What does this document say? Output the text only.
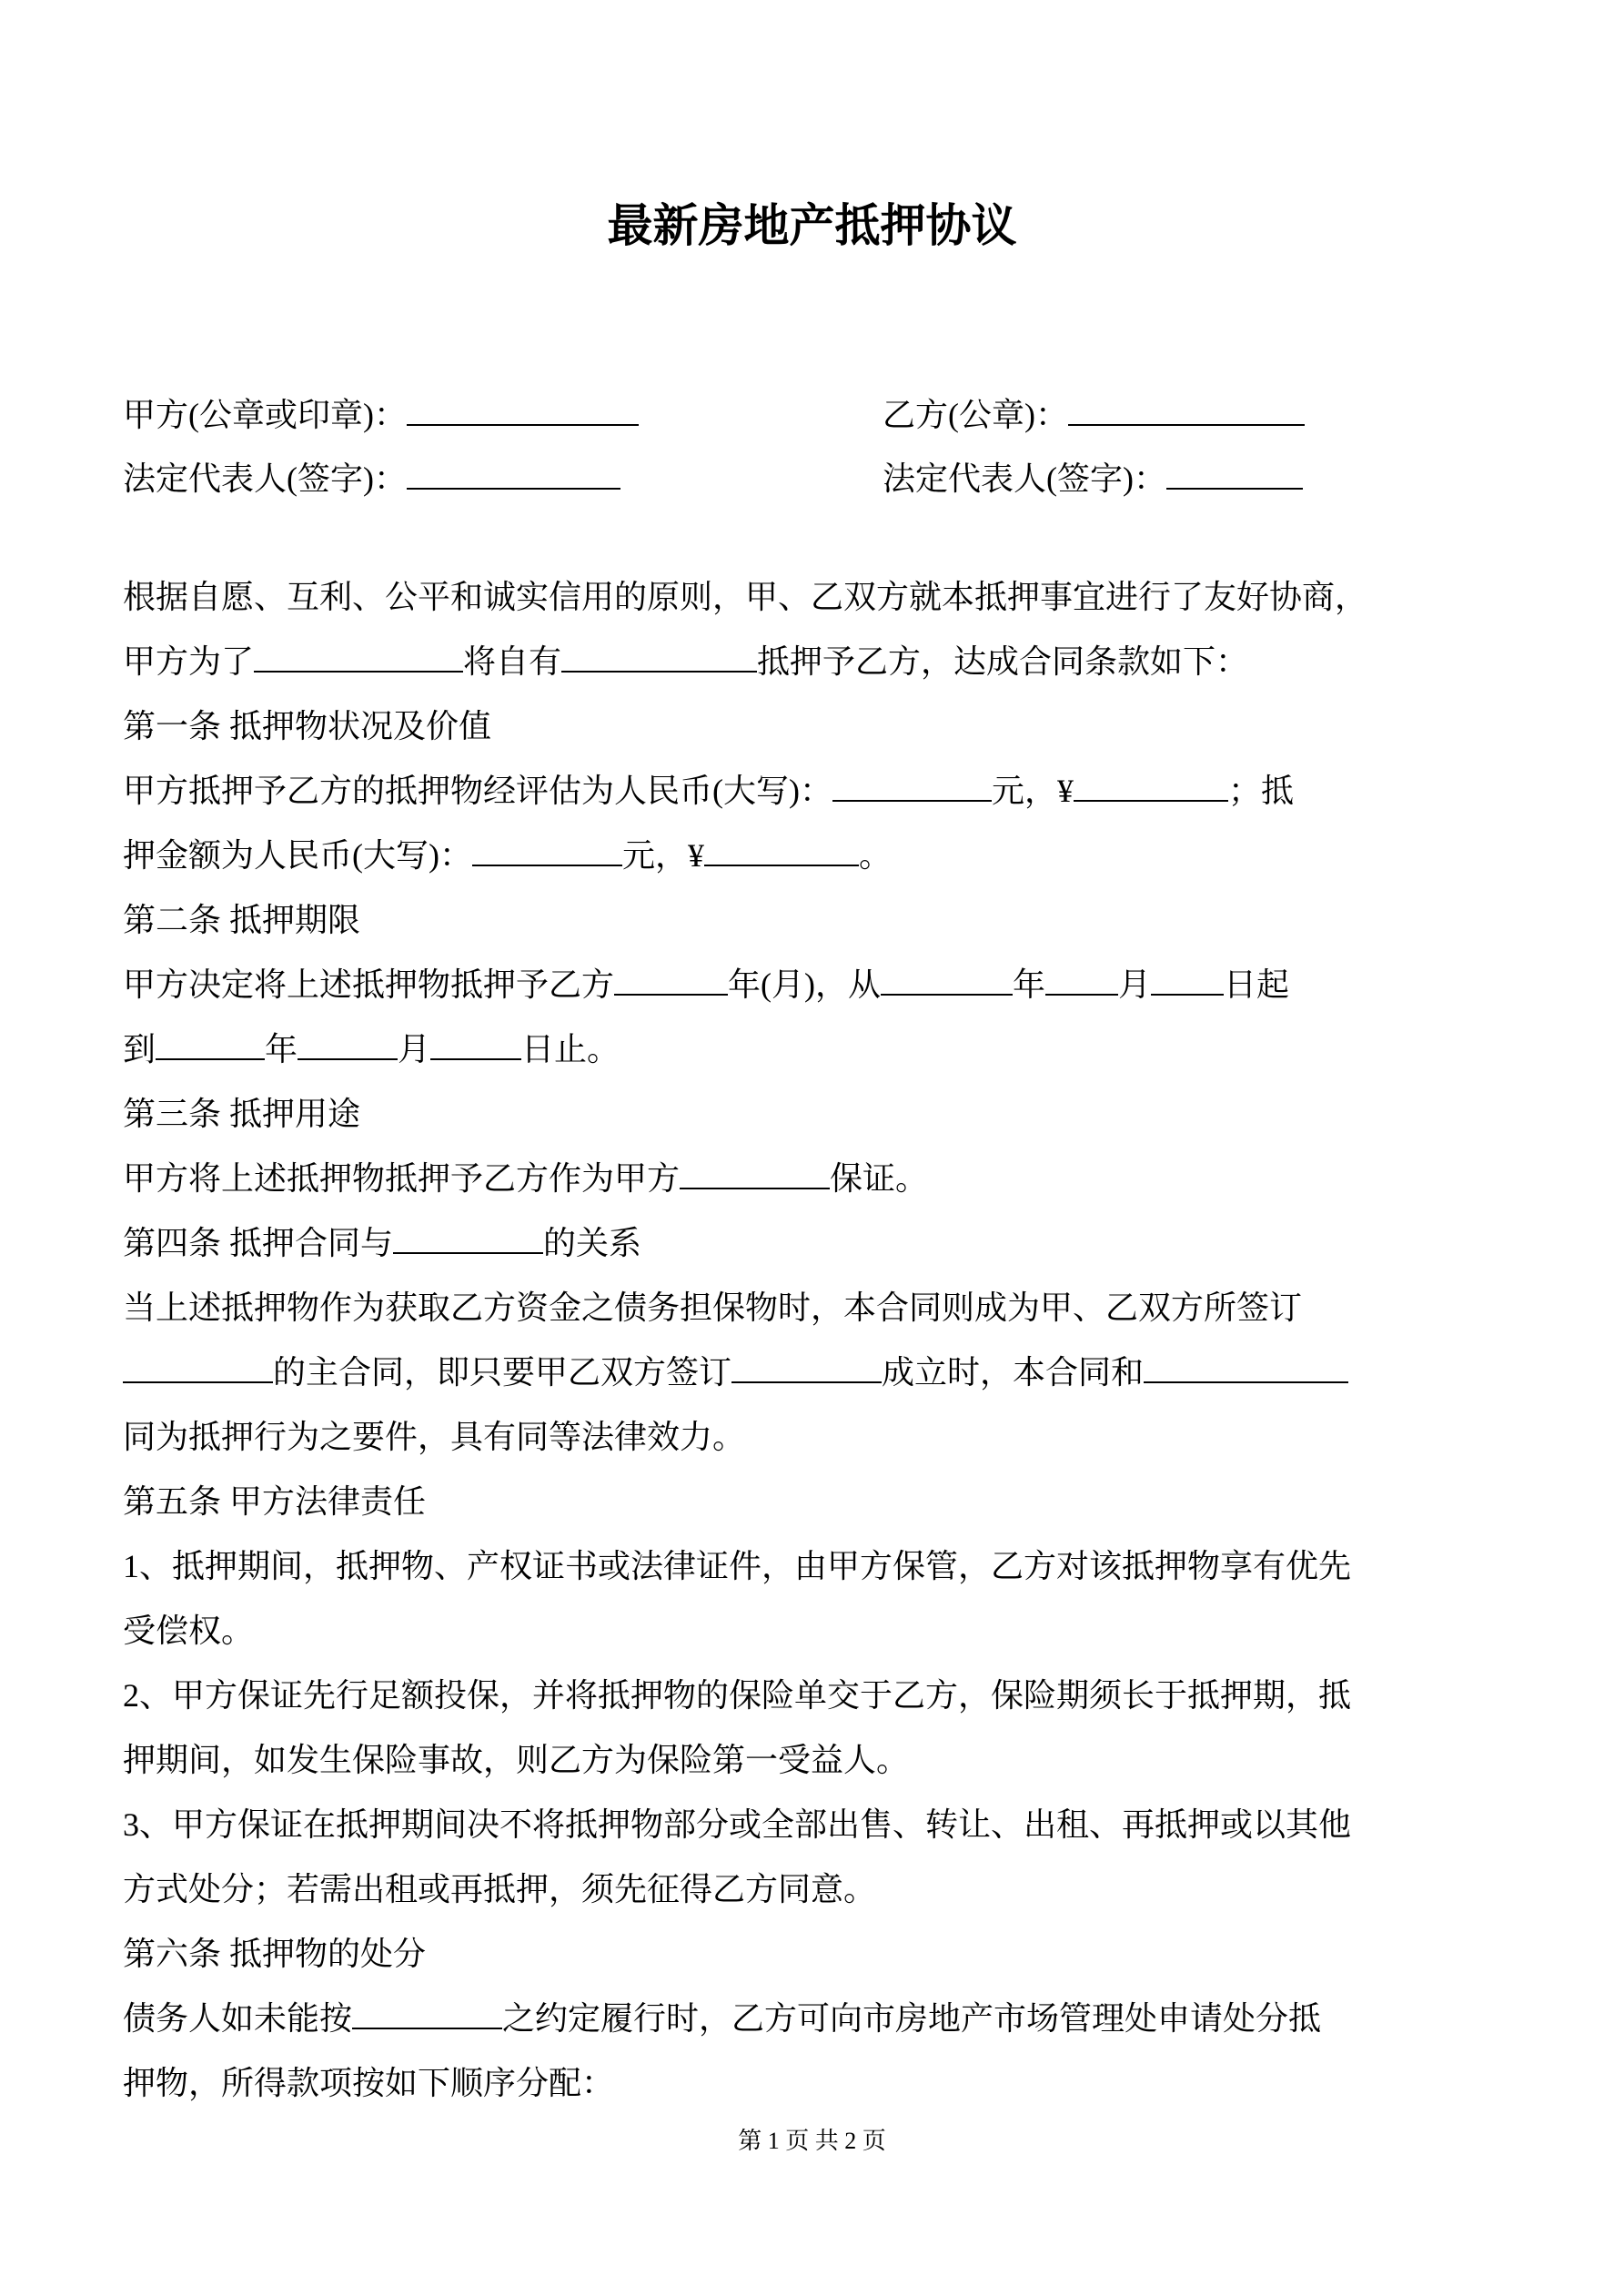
最新房地产抵押协议
甲方(公章或印章)：	乙方(公章)：
法定代表人(签字)：	法定代表人(签字)：
根据自愿、互利、公平和诚实信用的原则，甲、乙双方就本抵押事宜进行了友好协商，
甲方为了	将自有	抵押予乙方，达成合同条款如下：
第一条 抵押物状况及价值
甲方抵押予乙方的抵押物经评估为人民币(大写)：	元，¥	；抵
押金额为人民币(大写)：	元，¥	。
第二条 抵押期限
甲方决定将上述抵押物抵押予乙方	年(月)，从	年 月 日起
到	年	月	日止。
第三条 抵押用途
甲方将上述抵押物抵押予乙方作为甲方	保证。
第四条 抵押合同与	的关系
当上述抵押物作为获取乙方资金之债务担保物时，本合同则成为甲、乙双方所签订
的主合同，即只要甲乙双方签订	成立时，本合同和
同为抵押行为之要件，具有同等法律效力。
第五条 甲方法律责任
1、抵押期间，抵押物、产权证书或法律证件，由甲方保管，乙方对该抵押物享有优先
受偿权。
2、甲方保证先行足额投保，并将抵押物的保险单交于乙方，保险期须长于抵押期，抵
押期间，如发生保险事故，则乙方为保险第一受益人。
3、甲方保证在抵押期间决不将抵押物部分或全部出售、转让、出租、再抵押或以其他
方式处分；若需出租或再抵押，须先征得乙方同意。
第六条 抵押物的处分
债务人如未能按	之约定履行时，乙方可向市房地产市场管理处申请处分抵
押物，所得款项按如下顺序分配：
第 1 页 共 2 页
